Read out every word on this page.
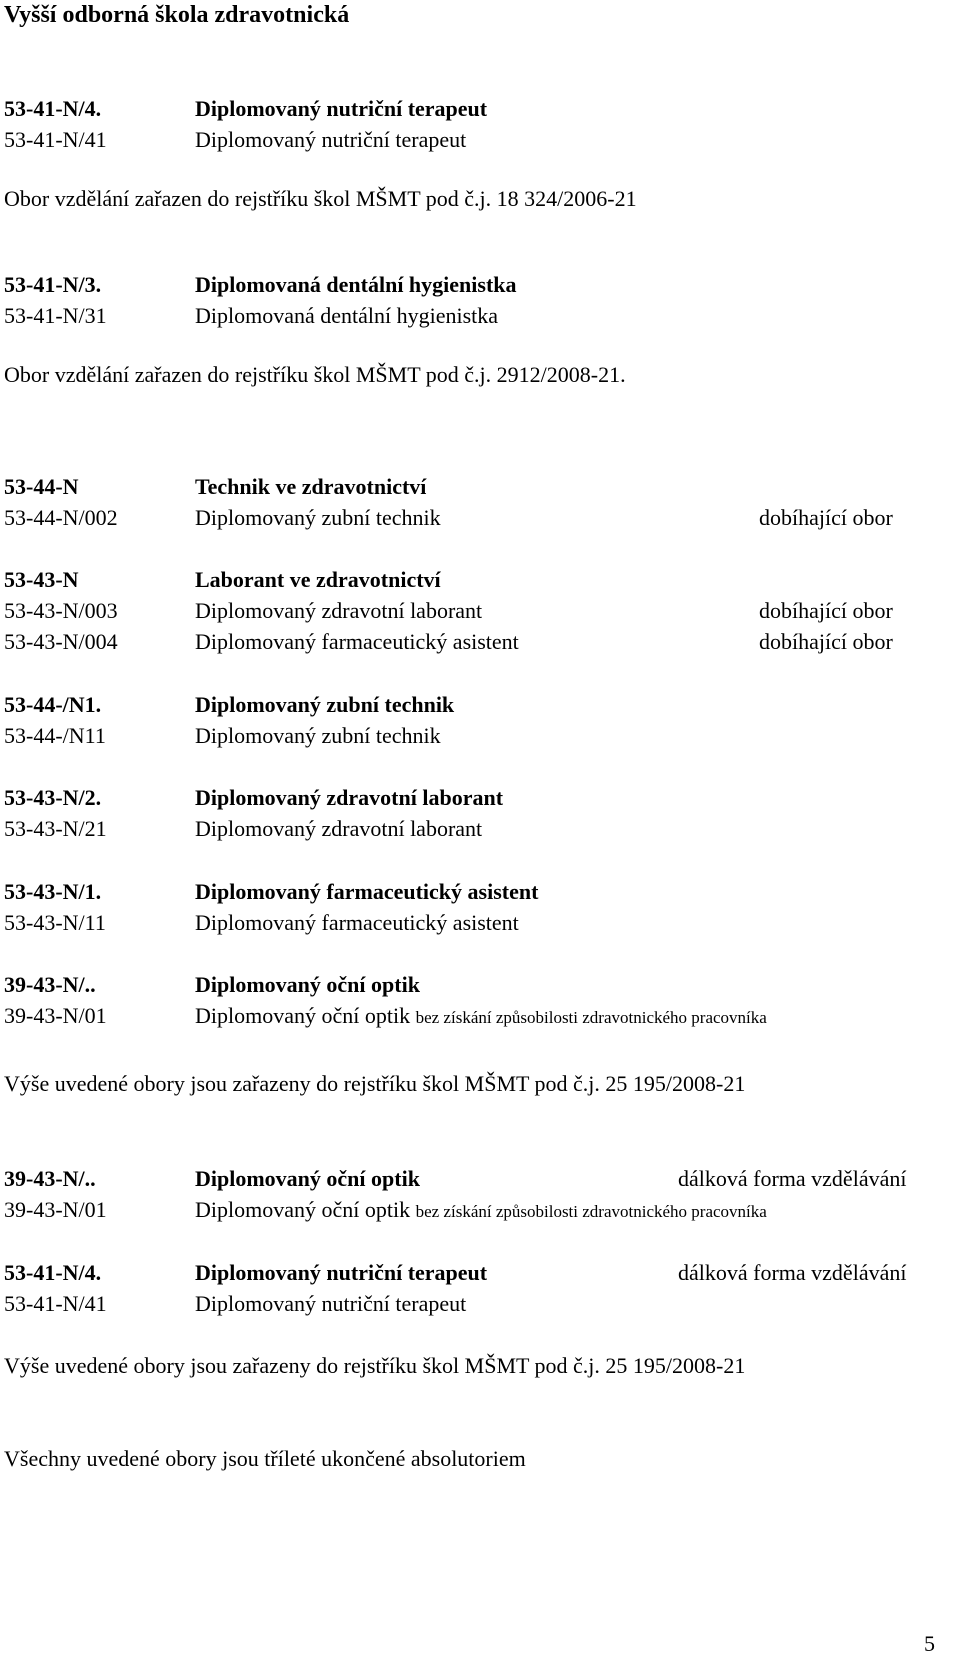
Vyšší odborná škola zdravotnická
53-41-N/4.	Diplomovaný nutriční terapeut
53-41-N/41	Diplomovaný nutriční terapeut
Obor vzdělání zařazen do rejstříku škol MŠMT pod č.j. 18 324/2006-21
53-41-N/3.	Diplomovaná dentální hygienistka
53-41-N/31	Diplomovaná dentální hygienistka
Obor vzdělání zařazen do rejstříku škol MŠMT pod č.j. 2912/2008-21.
53-44-N	Technik ve zdravotnictví
53-44-N/002	Diplomovaný zubní technik	dobíhající obor
53-43-N	Laborant ve zdravotnictví
53-43-N/003	Diplomovaný zdravotní laborant	dobíhající obor
53-43-N/004	Diplomovaný farmaceutický asistent	dobíhající obor
53-44-/N1.	Diplomovaný zubní technik
53-44-/N11	Diplomovaný zubní technik
53-43-N/2.	Diplomovaný zdravotní laborant
53-43-N/21	Diplomovaný zdravotní laborant
53-43-N/1.	Diplomovaný farmaceutický asistent
53-43-N/11	Diplomovaný farmaceutický asistent
39-43-N/..	Diplomovaný oční optik
39-43-N/01	Diplomovaný oční optik bez získání způsobilosti zdravotnického pracovníka
Výše uvedené obory jsou zařazeny do rejstříku škol MŠMT pod č.j. 25 195/2008-21
39-43-N/..	Diplomovaný oční optik	dálková forma vzdělávání
39-43-N/01	Diplomovaný oční optik bez získání způsobilosti zdravotnického pracovníka
53-41-N/4.	Diplomovaný nutriční terapeut	dálková forma vzdělávání
53-41-N/41	Diplomovaný nutriční terapeut
Výše uvedené obory jsou zařazeny do rejstříku škol MŠMT pod č.j. 25 195/2008-21
Všechny uvedené obory jsou tříleté ukončené absolutoriem
5
